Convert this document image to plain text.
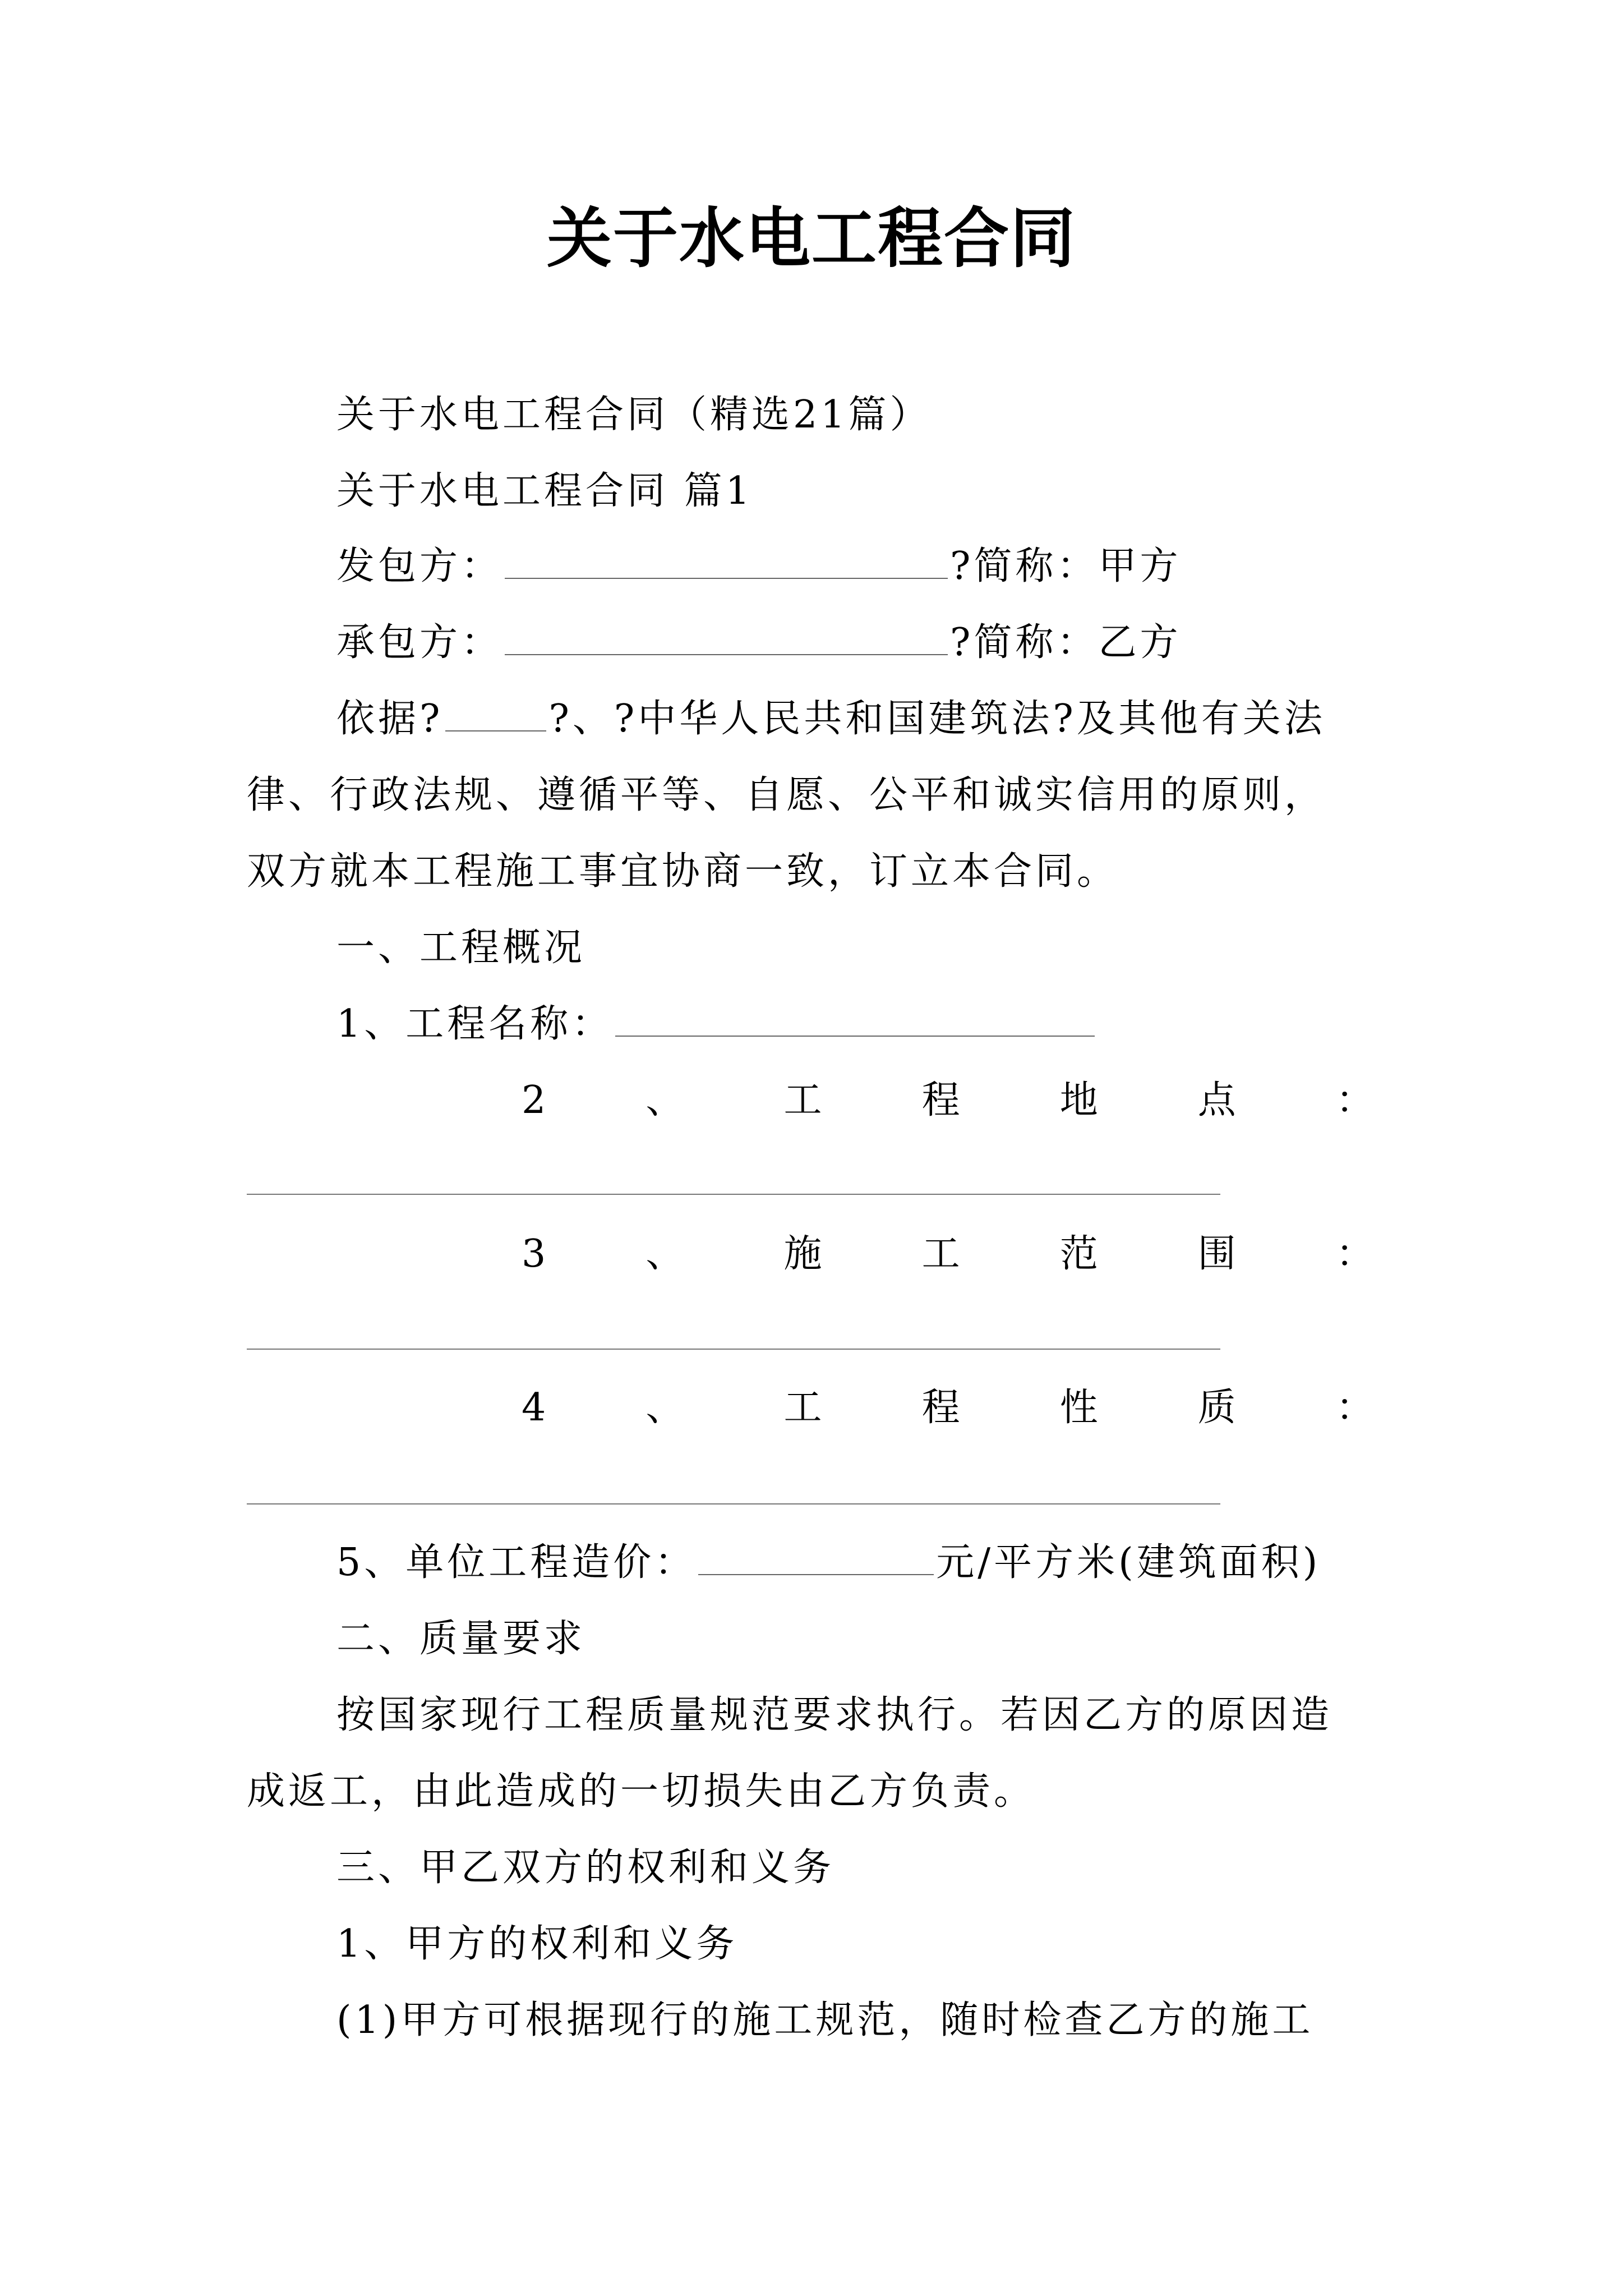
关于水电工程合同
关于水电工程合同（精选21篇）
关于水电工程合同 篇1
发包方：	?简称：甲方
承包方：	?简称：乙方
依据?	?、?中华人民共和国建筑法?及其他有关法
律、行政法规、遵循平等、自愿、公平和诚实信用的原则，
双方就本工程施工事宜协商一致，订立本合同。
一、工程概况
1、工程名称：
2	、	工	程	地	点	：
3	、	施	工	范	围	：
4	、	工	程	性	质	：
5、单位工程造价：	元/平方米(建筑面积)
二、质量要求
按国家现行工程质量规范要求执行。若因乙方的原因造
成返工，由此造成的一切损失由乙方负责。
三、甲乙双方的权利和义务
1、甲方的权利和义务
(1)甲方可根据现行的施工规范，随时检查乙方的施工
